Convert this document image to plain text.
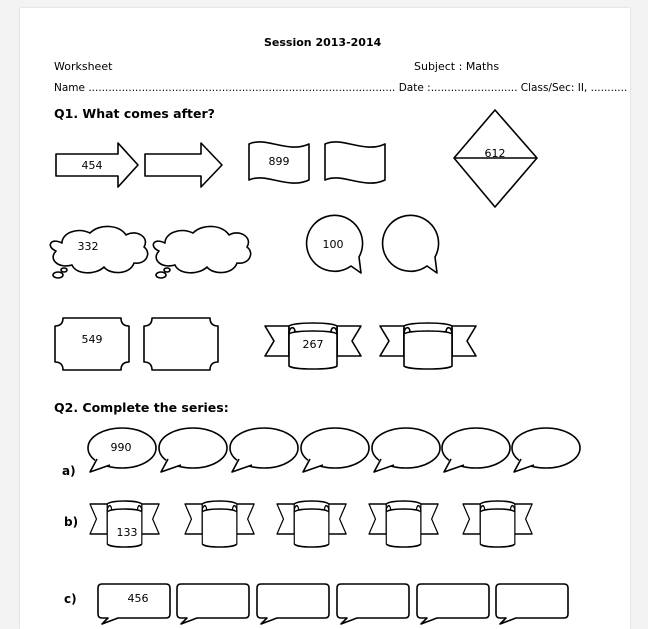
Session 2013-2014
Worksheet	Subject : Maths
Name ............................................................................................ Date :.......................... Class/Sec: II, ...........
Q1. What comes after?
Q2. Complete the series:
a)
b)
c)
454	899
612
332	100
549	267
990
133
456
